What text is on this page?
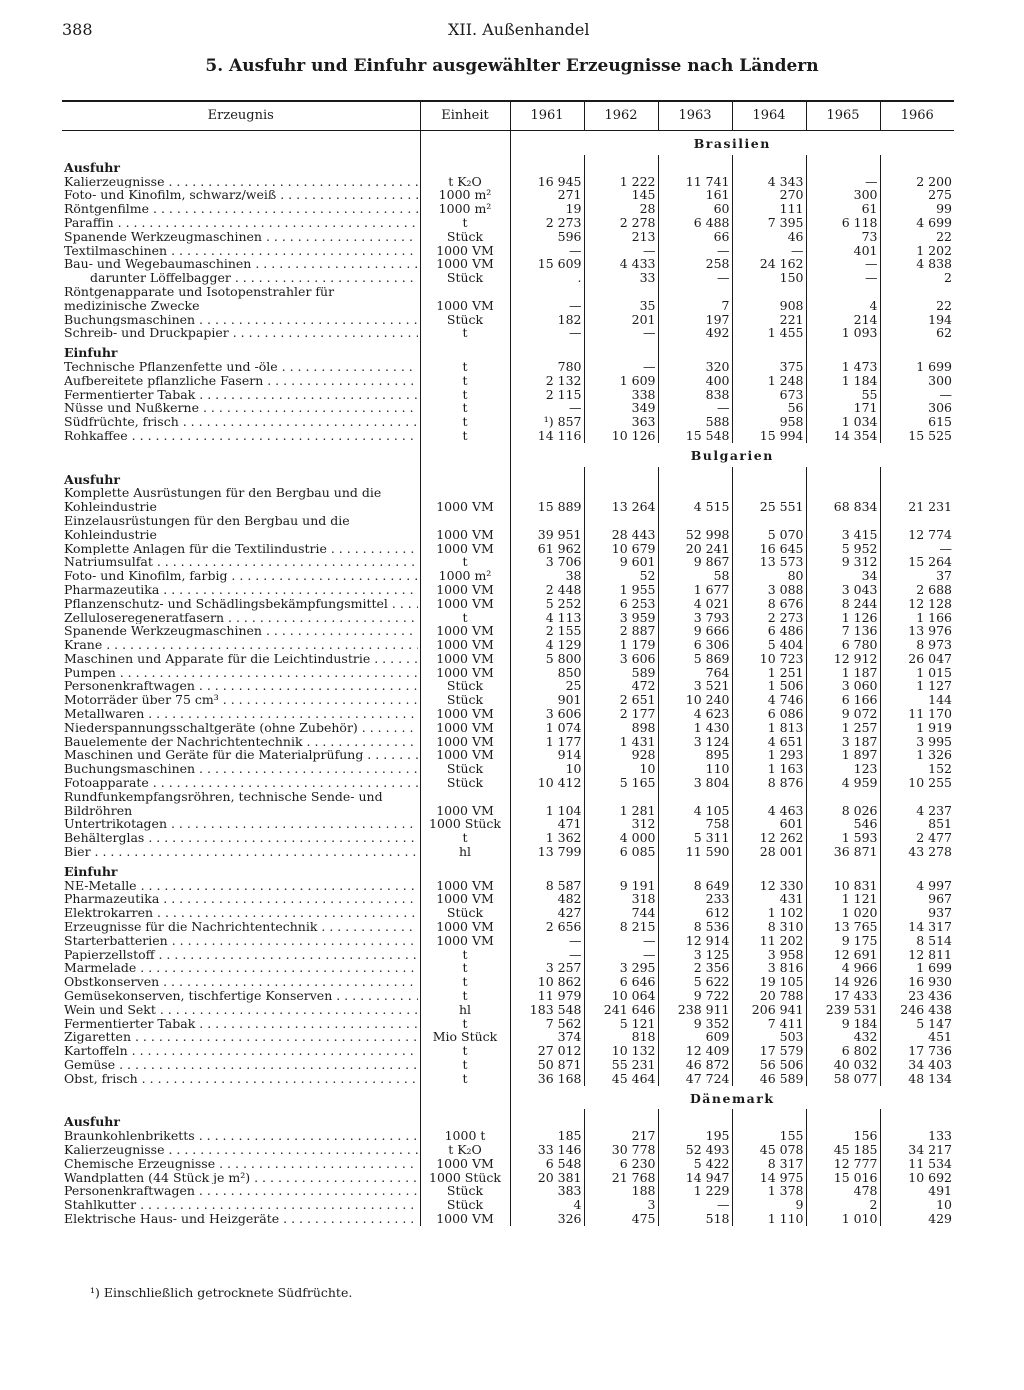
388	XII. Außenhandel
5. Ausfuhr und Einfuhr ausgewählter Erzeugnisse nach Ländern
Erzeugnis	Einheit	1961	1962	1963	1964	1965	1966
		Brasilien					
Ausfuhr							

Kalierzeugnisse . . .	t K₂O	16 945	1 222	11 741	4 343	—	2 200

Foto- und Kinofilm, schwarz/weiß . . .	1000 m²	271	145	161	270	300	275

Röntgenfilme . . .	1000 m²	19	28	60	111	61	99

Paraffin . . .	t	2 273	2 278	6 488	7 395	6 118	4 699

Spanende Werkzeugmaschinen . . .	Stück	596	213	66	46	73	22

Textilmaschinen . . .	1000 VM	—	—	—	—	401	1 202

Bau- und Wegebaumaschinen . . .	1000 VM	15 609	4 433	258	24 162	—	4 838

darunter Löffelbagger . . .	Stück	.	33	—	150	—	2

Röntgenapparate und Isotopenstrahler für medizinische Zwecke	1000 VM	—	35	7	908	4	22

Buchungsmaschinen . . .	Stück	182	201	197	221	214	194

Schreib- und Druckpapier . . .	t	—	—	492	1 455	1 093	62
Einfuhr							

Technische Pflanzenfette und -öle . . .	t	780	—	320	375	1 473	1 699

Aufbereitete pflanzliche Fasern . . .	t	2 132	1 609	400	1 248	1 184	300

Fermentierter Tabak . . .	t	2 115	338	838	673	55	—

Nüsse und Nußkerne . . .	t	—	349	—	56	171	306

Südfrüchte, frisch . . .	t	¹) 857	363	588	958	1 034	615

Rohkaffee . . .	t	14 116	10 126	15 548	15 994	14 354	15 525
		Bulgarien					
Ausfuhr							

Komplette Ausrüstungen für den Bergbau und die Kohleindustrie	1000 VM	15 889	13 264	4 515	25 551	68 834	21 231

Einzelausrüstungen für den Bergbau und die Kohleindustrie	1000 VM	39 951	28 443	52 998	5 070	3 415	12 774

Komplette Anlagen für die Textilindustrie . . .	1000 VM	61 962	10 679	20 241	16 645	5 952	—

Natriumsulfat . . .	t	3 706	9 601	9 867	13 573	9 312	15 264

Foto- und Kinofilm, farbig . . .	1000 m²	38	52	58	80	34	37

Pharmazeutika . . .	1000 VM	2 448	1 955	1 677	3 088	3 043	2 688

Pflanzenschutz- und Schädlingsbekämpfungsmittel . . .	1000 VM	5 252	6 253	4 021	8 676	8 244	12 128

Zelluloseregeneratfasern . . .	t	4 113	3 959	3 793	2 273	1 126	1 166

Spanende Werkzeugmaschinen . . .	1000 VM	2 155	2 887	9 666	6 486	7 136	13 976

Krane . . .	1000 VM	4 129	1 179	6 306	5 404	6 780	8 973

Maschinen und Apparate für die Leichtindustrie . . .	1000 VM	5 800	3 606	5 869	10 723	12 912	26 047

Pumpen . . .	1000 VM	850	589	764	1 251	1 187	1 015

Personenkraftwagen . . .	Stück	25	472	3 521	1 506	3 060	1 127

Motorräder über 75 cm³ . . .	Stück	901	2 651	10 240	4 746	6 166	144

Metallwaren . . .	1000 VM	3 606	2 177	4 623	6 086	9 072	11 170

Niederspannungsschaltgeräte (ohne Zubehör) . . .	1000 VM	1 074	898	1 430	1 813	1 257	1 919

Bauelemente der Nachrichtentechnik . . .	1000 VM	1 177	1 431	3 124	4 651	3 187	3 995

Maschinen und Geräte für die Materialprüfung . . .	1000 VM	914	928	895	1 293	1 897	1 326

Buchungsmaschinen . . .	Stück	10	10	110	1 163	123	152

Fotoapparate . . .	Stück	10 412	5 165	3 804	8 876	4 959	10 255

Rundfunkempfangsröhren, technische Sende- und Bildröhren	1000 VM	1 104	1 281	4 105	4 463	8 026	4 237

Untertrikotagen . . .	1000 Stück	471	312	758	601	546	851

Behälterglas . . .	t	1 362	4 000	5 311	12 262	1 593	2 477

Bier . . .	hl	13 799	6 085	11 590	28 001	36 871	43 278
Einfuhr							

NE-Metalle . . .	1000 VM	8 587	9 191	8 649	12 330	10 831	4 997

Pharmazeutika . . .	1000 VM	482	318	233	431	1 121	967

Elektrokarren . . .	Stück	427	744	612	1 102	1 020	937

Erzeugnisse für die Nachrichtentechnik . . .	1000 VM	2 656	8 215	8 536	8 310	13 765	14 317

Starterbatterien . . .	1000 VM	—	—	12 914	11 202	9 175	8 514

Papierzellstoff . . .	t	—	—	3 125	3 958	12 691	12 811

Marmelade . . .	t	3 257	3 295	2 356	3 816	4 966	1 699

Obstkonserven . . .	t	10 862	6 646	5 622	19 105	14 926	16 930

Gemüsekonserven, tischfertige Konserven . . .	t	11 979	10 064	9 722	20 788	17 433	23 436

Wein und Sekt . . .	hl	183 548	241 646	238 911	206 941	239 531	246 438

Fermentierter Tabak . . .	t	7 562	5 121	9 352	7 411	9 184	5 147

Zigaretten . . .	Mio Stück	374	818	609	503	432	451

Kartoffeln . . .	t	27 012	10 132	12 409	17 579	6 802	17 736

Gemüse . . .	t	50 871	55 231	46 872	56 506	40 032	34 403

Obst, frisch . . .	t	36 168	45 464	47 724	46 589	58 077	48 134
		Dänemark					
Ausfuhr							

Braunkohlenbriketts . . .	1000 t	185	217	195	155	156	133

Kalierzeugnisse . . .	t K₂O	33 146	30 778	52 493	45 078	45 185	34 217

Chemische Erzeugnisse . . .	1000 VM	6 548	6 230	5 422	8 317	12 777	11 534

Wandplatten (44 Stück je m²) . . .	1000 Stück	20 381	21 768	14 947	14 975	15 016	10 692

Personenkraftwagen . . .	Stück	383	188	1 229	1 378	478	491

Stahlkutter . . .	Stück	4	3	—	9	2	10

Elektrische Haus- und Heizgeräte . . .	1000 VM	326	475	518	1 110	1 010	429
¹) Einschließlich getrocknete Südfrüchte.
